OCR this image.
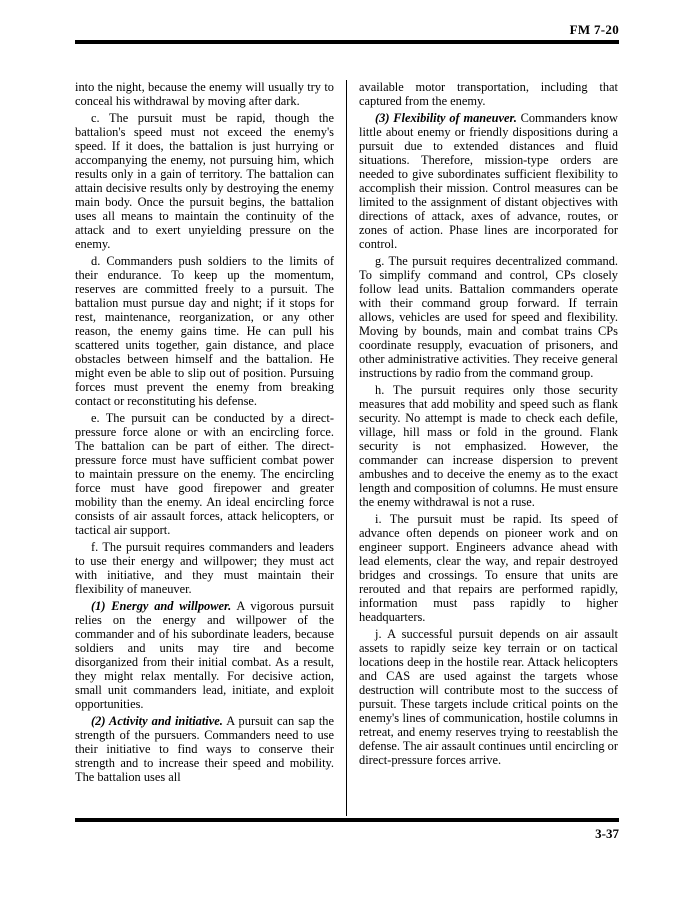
FM 7-20

into the night, because the enemy will usually try to conceal his withdrawal by moving after dark.

c. The pursuit must be rapid, though the battalion's speed must not exceed the enemy's speed. If it does, the battalion is just hurrying or accompanying the enemy, not pursuing him, which results only in a gain of territory. The battalion can attain decisive results only by destroying the enemy main body. Once the pursuit begins, the battalion uses all means to maintain the continuity of the attack and to exert unyielding pressure on the enemy.

d. Commanders push soldiers to the limits of their endurance. To keep up the momentum, reserves are committed freely to a pursuit. The battalion must pursue day and night; if it stops for rest, maintenance, reorganization, or any other reason, the enemy gains time. He can pull his scattered units together, gain distance, and place obstacles between himself and the battalion. He might even be able to slip out of position. Pursuing forces must prevent the enemy from breaking contact or reconstituting his defense.

e. The pursuit can be conducted by a direct-pressure force alone or with an encircling force. The battalion can be part of either. The direct-pressure force must have sufficient combat power to maintain pressure on the enemy. The encircling force must have good firepower and greater mobility than the enemy. An ideal encircling force consists of air assault forces, attack helicopters, or tactical air support.

f. The pursuit requires commanders and leaders to use their energy and willpower; they must act with initiative, and they must maintain their flexibility of maneuver.

(1) Energy and willpower. A vigorous pursuit relies on the energy and willpower of the commander and of his subordinate leaders, because soldiers and units may tire and become disorganized from their initial combat. As a result, they might relax mentally. For decisive action, small unit commanders lead, initiate, and exploit opportunities.

(2) Activity and initiative. A pursuit can sap the strength of the pursuers. Commanders need to use their initiative to find ways to conserve their strength and to increase their speed and mobility. The battalion uses all

available motor transportation, including that captured from the enemy.

(3) Flexibility of maneuver. Commanders know little about enemy or friendly dispositions during a pursuit due to extended distances and fluid situations. Therefore, mission-type orders are needed to give subordinates sufficient flexibility to accomplish their mission. Control measures can be limited to the assignment of distant objectives with directions of attack, axes of advance, routes, or zones of action. Phase lines are incorporated for control.

g. The pursuit requires decentralized command. To simplify command and control, CPs closely follow lead units. Battalion commanders operate with their command group forward. If terrain allows, vehicles are used for speed and flexibility. Moving by bounds, main and combat trains CPs coordinate resupply, evacuation of prisoners, and other administrative activities. They receive general instructions by radio from the command group.

h. The pursuit requires only those security measures that add mobility and speed such as flank security. No attempt is made to check each defile, village, hill mass or fold in the ground. Flank security is not emphasized. However, the commander can increase dispersion to prevent ambushes and to deceive the enemy as to the exact length and composition of columns. He must ensure the enemy withdrawal is not a ruse.

i. The pursuit must be rapid. Its speed of advance often depends on pioneer work and on engineer support. Engineers advance ahead with lead elements, clear the way, and repair destroyed bridges and crossings. To ensure that units are rerouted and that repairs are performed rapidly, information must pass rapidly to higher headquarters.

j. A successful pursuit depends on air assault assets to rapidly seize key terrain or on tactical locations deep in the hostile rear. Attack helicopters and CAS are used against the targets whose destruction will contribute most to the success of pursuit. These targets include critical points on the enemy's lines of communication, hostile columns in retreat, and enemy reserves trying to reestablish the defense. The air assault continues until encircling or direct-pressure forces arrive.

3-37
